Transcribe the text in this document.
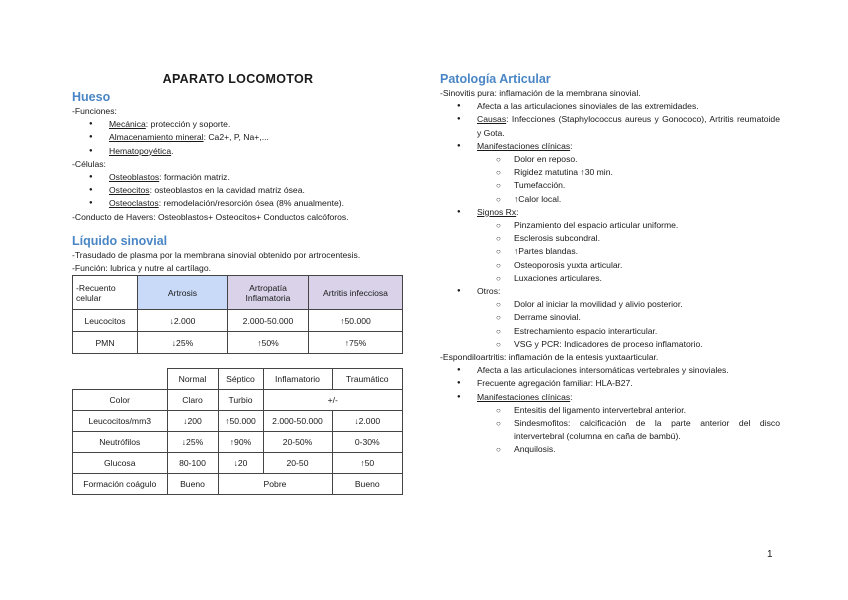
APARATO LOCOMOTOR
Hueso
-Funciones:
● Mecánica: protección y soporte.
● Almacenamiento mineral: Ca2+, P, Na+,...
● Hematopoyética.
-Células:
● Osteoblastos: formación matriz.
● Osteocitos: osteoblastos en la cavidad matriz ósea.
● Osteoclastos: remodelación/resorción ósea (8% anualmente).
-Conducto de Havers: Osteoblastos+ Osteocitos+ Conductos calcóforos.
Líquido sinovial
-Trasudado de plasma por la membrana sinovial obtenido por artrocentesis.
-Función: lubrica y nutre al cartílago.
-Recuento celular	Artrosis	Artropatía Inflamatoria	Artritis infecciosa
Leucocitos	↓2.000	2.000-50.000	↑50.000
PMN	↓25%	↑50%	↑75%
	Normal	Séptico	Inflamatorio	Traumático
Color	Claro	Turbio	+/-	
Leucocitos/mm3	↓200	↑50.000	2.000-50.000	↓2.000
Neutrófilos	↓25%	↑90%	20-50%	0-30%
Glucosa	80-100	↓20	20-50	↑50
Formación coágulo	Bueno	Pobre		Bueno
Patología Articular
-Sinovitis pura: inflamación de la membrana sinovial.
● Afecta a las articulaciones sinoviales de las extremidades.
● Causas: Infecciones (Staphylococcus aureus y Gonococo), Artritis reumatoide y Gota.
● Manifestaciones clínicas:
○ Dolor en reposo.
○ Rigidez matutina ↑30 min.
○ Tumefacción.
○ ↑Calor local.
● Signos Rx:
○ Pinzamiento del espacio articular uniforme.
○ Esclerosis subcondral.
○ ↑Partes blandas.
○ Osteoporosis yuxta articular.
○ Luxaciones articulares.
● Otros:
○ Dolor al iniciar la movilidad y alivio posterior.
○ Derrame sinovial.
○ Estrechamiento espacio interarticular.
○ VSG y PCR: Indicadores de proceso inflamatorio.
-Espondiloartritis: inflamación de la entesis yuxtaarticular.
● Afecta a las articulaciones intersomáticas vertebrales y sinoviales.
● Frecuente agregación familiar: HLA-B27.
● Manifestaciones clínicas:
○ Entesitis del ligamento intervertebral anterior.
○ Sindesmofitos: calcificación de la parte anterior del disco intervertebral (columna en caña de bambú).
○ Anquilosis.
1
